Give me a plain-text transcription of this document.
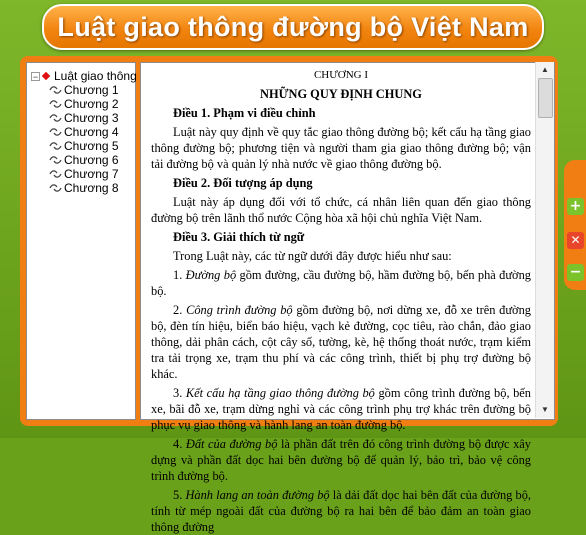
Luật giao thông đường bộ Việt Nam
− Luật giao thông
Chương 1
Chương 2
Chương 3
Chương 4
Chương 5
Chương 6
Chương 7
Chương 8

CHƯƠNG I

NHỮNG QUY ĐỊNH CHUNG

Điều 1. Phạm vi điều chỉnh

Luật này quy định về quy tắc giao thông đường bộ; kết cấu hạ tầng giao thông đường bộ; phương tiện và người tham gia giao thông đường bộ; vận tải đường bộ và quản lý nhà nước về giao thông đường bộ.

Điều 2. Đối tượng áp dụng

Luật này áp dụng đối với tổ chức, cá nhân liên quan đến giao thông đường bộ trên lãnh thổ nước Cộng hòa xã hội chủ nghĩa Việt Nam.

Điều 3. Giải thích từ ngữ

Trong Luật này, các từ ngữ dưới đây được hiểu như sau:

1. Đường bộ gồm đường, cầu đường bộ, hầm đường bộ, bến phà đường bộ.

2. Công trình đường bộ gồm đường bộ, nơi dừng xe, đỗ xe trên đường bộ, đèn tín hiệu, biển báo hiệu, vạch kẻ đường, cọc tiêu, rào chắn, đảo giao thông, dải phân cách, cột cây số, tường, kè, hệ thống thoát nước, trạm kiểm tra tải trọng xe, trạm thu phí và các công trình, thiết bị phụ trợ đường bộ khác.

3. Kết cấu hạ tầng giao thông đường bộ gồm công trình đường bộ, bến xe, bãi đỗ xe, trạm dừng nghỉ và các công trình phụ trợ khác trên đường bộ phục vụ giao thông và hành lang an toàn đường bộ.

4. Đất của đường bộ là phần đất trên đó công trình đường bộ được xây dựng và phần đất dọc hai bên đường bộ để quản lý, bảo trì, bảo vệ công trình đường bộ.

5. Hành lang an toàn đường bộ là dải đất dọc hai bên đất của đường bộ, tính từ mép ngoài đất của đường bộ ra hai bên để bảo đảm an toàn giao thông đường

▲
▼
+
✕
−
